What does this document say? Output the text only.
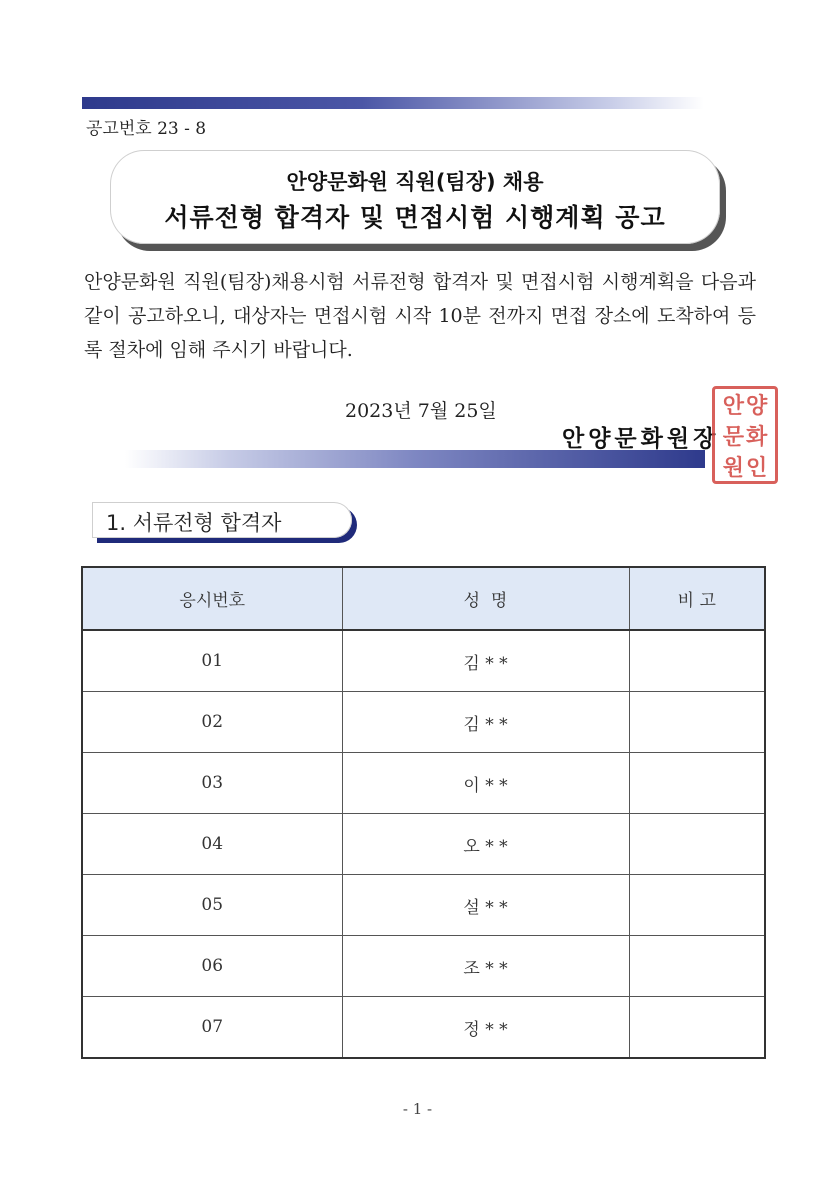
공고번호 23 - 8
안양문화원 직원(팀장) 채용
서류전형 합격자 및 면접시험 시행계획 공고
안양문화원 직원(팀장)채용시험 서류전형 합격자 및 면접시험 시행계획을 다음과 같이 공고하오니, 대상자는 면접시험 시작 10분 전까지 면접 장소에 도착하여 등록 절차에 임해 주시기 바랍니다.
2023년 7월 25일
안양문화원장
안 양
문 화
원 인
1. 서류전형 합격자
응시번호	성  명	비 고
01	김 * *	
02	김 * *	
03	이 * *	
04	오 * *	
05	설 * *	
06	조 * *	
07	정 * *	
- 1 -
